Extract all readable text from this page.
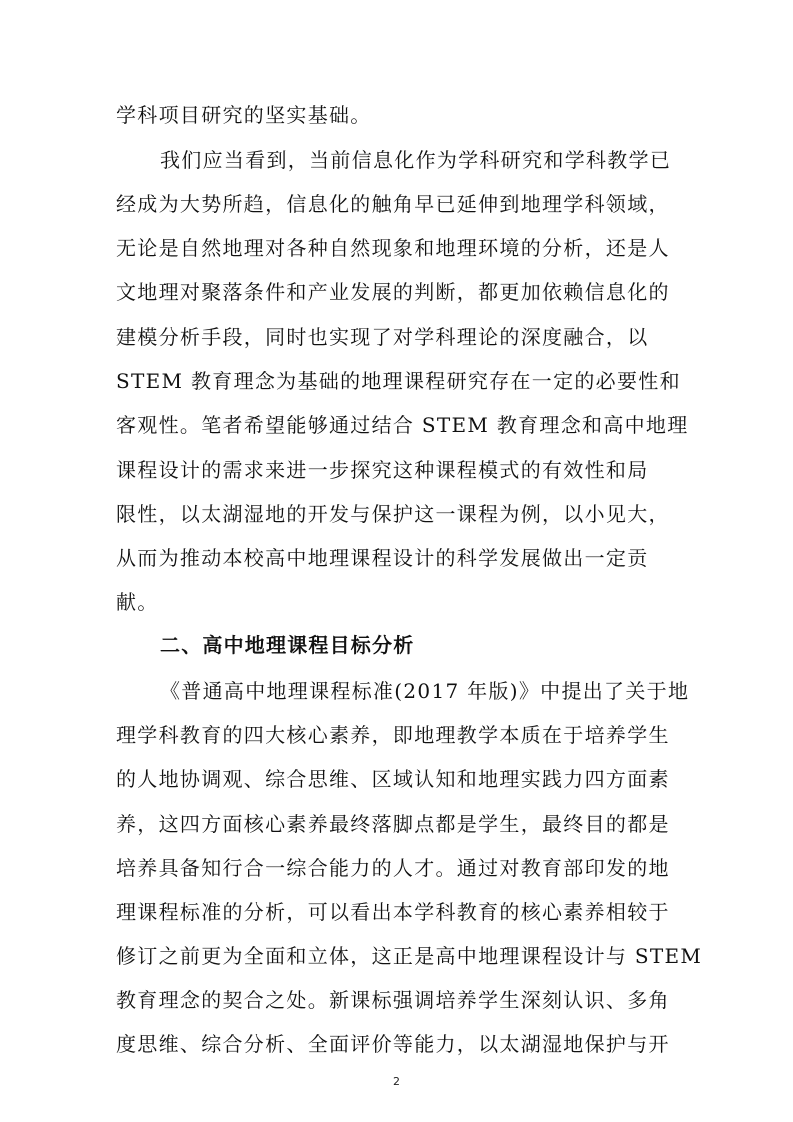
学科项目研究的坚实基础。
我们应当看到，当前信息化作为学科研究和学科教学已
经成为大势所趋，信息化的触角早已延伸到地理学科领域，
无论是自然地理对各种自然现象和地理环境的分析，还是人
文地理对聚落条件和产业发展的判断，都更加依赖信息化的
建模分析手段，同时也实现了对学科理论的深度融合，以
STEM 教育理念为基础的地理课程研究存在一定的必要性和
客观性。笔者希望能够通过结合 STEM 教育理念和高中地理
课程设计的需求来进一步探究这种课程模式的有效性和局
限性，以太湖湿地的开发与保护这一课程为例，以小见大，
从而为推动本校高中地理课程设计的科学发展做出一定贡
献。
二、高中地理课程目标分析
《普通高中地理课程标准(2017 年版)》中提出了关于地
理学科教育的四大核心素养，即地理教学本质在于培养学生
的人地协调观、综合思维、区域认知和地理实践力四方面素
养，这四方面核心素养最终落脚点都是学生，最终目的都是
培养具备知行合一综合能力的人才。通过对教育部印发的地
理课程标准的分析，可以看出本学科教育的核心素养相较于
修订之前更为全面和立体，这正是高中地理课程设计与 STEM
教育理念的契合之处。新课标强调培养学生深刻认识、多角
度思维、综合分析、全面评价等能力，以太湖湿地保护与开
2
